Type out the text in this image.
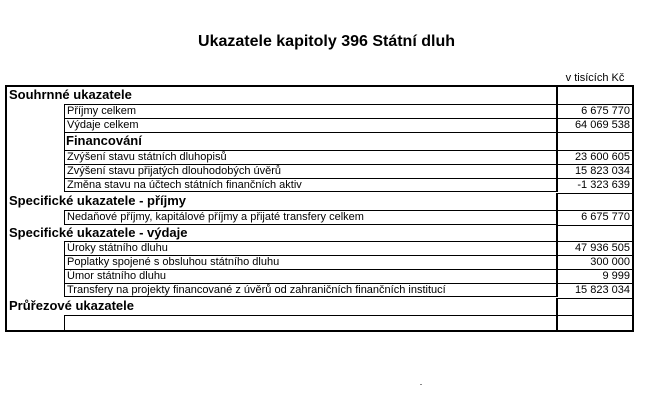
Ukazatele kapitoly 396 Státní dluh
v tisících Kč
Souhrnné ukazatele
Příjmy celkem	6 675 770
Výdaje celkem	64 069 538
Financování
Zvýšení stavu státních dluhopisů	23 600 605
Zvýšení stavu přijatých dlouhodobých úvěrů	15 823 034
Změna stavu na účtech státních finančních aktiv	-1 323 639
Specifické ukazatele - příjmy
Nedaňové příjmy, kapitálové příjmy a přijaté transfery celkem	6 675 770
Specifické ukazatele - výdaje
Úroky státního dluhu	47 936 505
Poplatky spojené s obsluhou státního dluhu	300 000
Úmor státního dluhu	9 999
Transfery na projekty financované z úvěrů od zahraničních finančních institucí	15 823 034
Průřezové ukazatele
